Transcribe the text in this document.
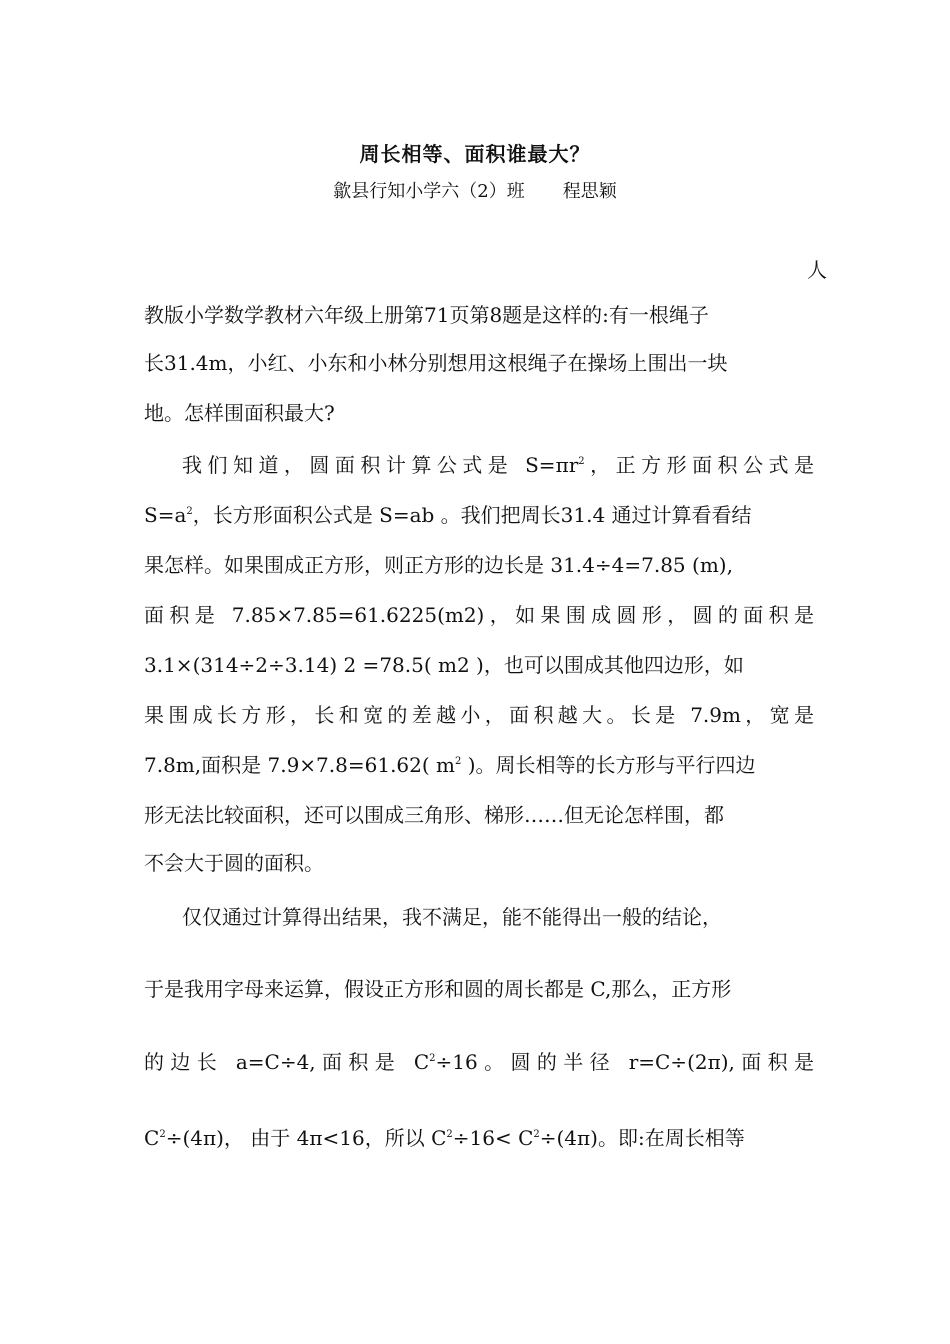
周长相等、面积谁最大？
歙县行知小学六（2）班 程思颖
人
教版小学数学教材六年级上册第71页第8题是这样的:有一根绳子
长31.4m，小红、小东和小林分别想用这根绳子在操场上围出一块
地。怎样围面积最大?
我们知道，圆面积计算公式是 $S=\pi r^2$，正方形面积公式是
$S=a^2$，长方形面积公式是 S=ab 。我们把周长31.4 通过计算看看结
果怎样。如果围成正方形，则正方形的边长是 31.4÷4=7.85 (m),
面积是 7.85×7.85=61.6225(m2)，如果围成圆形，圆的面积是
3.1×(314÷2÷3.14) 2 =78.5( m2 )，也可以围成其他四边形，如
果围成长方形，长和宽的差越小，面积越大。长是 7.9m，宽是
7.8m,面积是 7.9×7.8=61.62( $m^2$ )。周长相等的长方形与平行四边
形无法比较面积，还可以围成三角形、梯形……但无论怎样围，都
不会大于圆的面积。
仅仅通过计算得出结果，我不满足，能不能得出一般的结论，
于是我用字母来运算，假设正方形和圆的周长都是 C,那么，正方形
的边长 a=C÷4,面积是 $C^2\div 16$。圆的半径 r=C÷(2π),面积是
$C^2\div(4\pi)$， 由于 4π<16，所以 $C^2\div 16< C^2\div(4\pi)$。即:在周长相等
